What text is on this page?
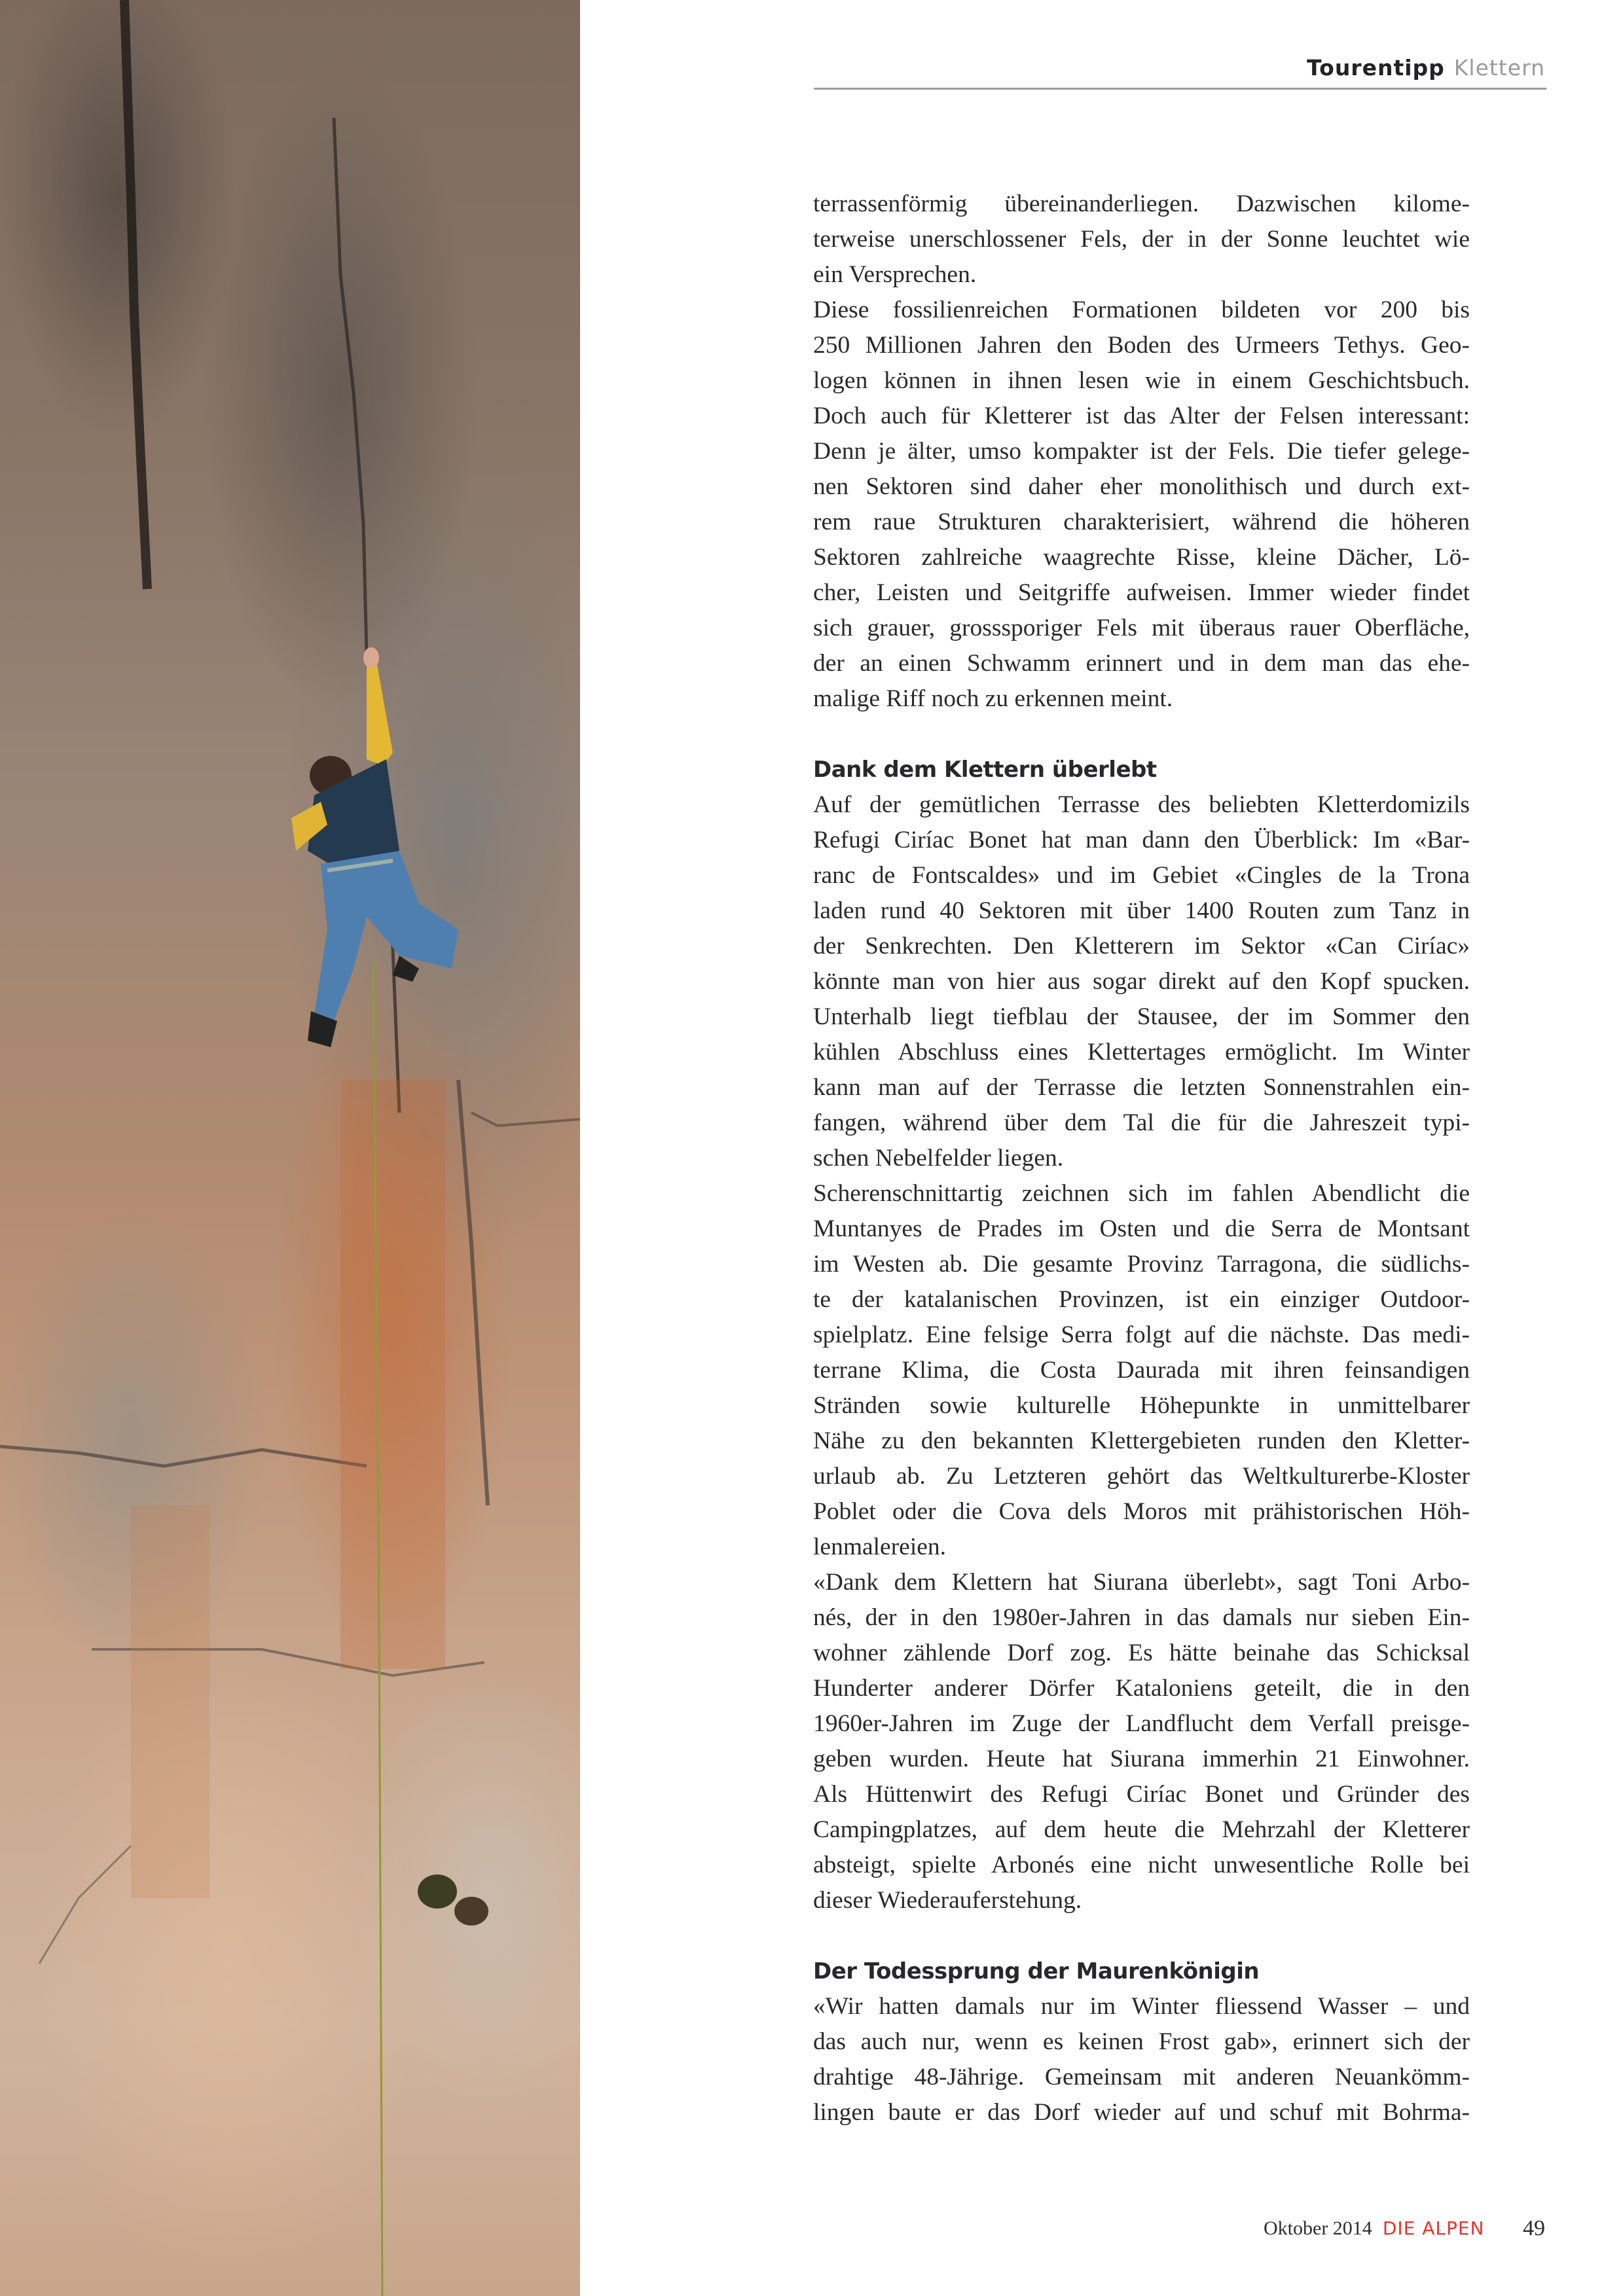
Tourentipp Klettern
terrassenförmig übereinanderliegen. Dazwischen kilome-
terweise unerschlossener Fels, der in der Sonne leuchtet wie
ein Versprechen.
Diese fossilienreichen Formationen bildeten vor 200 bis
250 Millionen Jahren den Boden des Urmeers Tethys. Geo-
logen können in ihnen lesen wie in einem Geschichtsbuch.
Doch auch für Kletterer ist das Alter der Felsen interessant:
Denn je älter, umso kompakter ist der Fels. Die tiefer gelege-
nen Sektoren sind daher eher monolithisch und durch ext-
rem raue Strukturen charakterisiert, während die höheren
Sektoren zahlreiche waagrechte Risse, kleine Dächer, Lö-
cher, Leisten und Seitgriffe aufweisen. Immer wieder findet
sich grauer, grosssporiger Fels mit überaus rauer Oberfläche,
der an einen Schwamm erinnert und in dem man das ehe-
malige Riff noch zu erkennen meint.
Dank dem Klettern überlebt
Auf der gemütlichen Terrasse des beliebten Kletterdomizils
Refugi Ciríac Bonet hat man dann den Überblick: Im «Bar-
ranc de Fontscaldes» und im Gebiet «Cingles de la Trona
laden rund 40 Sektoren mit über 1400 Routen zum Tanz in
der Senkrechten. Den Kletterern im Sektor «Can Ciríac»
könnte man von hier aus sogar direkt auf den Kopf spucken.
Unterhalb liegt tiefblau der Stausee, der im Sommer den
kühlen Abschluss eines Klettertages ermöglicht. Im Winter
kann man auf der Terrasse die letzten Sonnenstrahlen ein-
fangen, während über dem Tal die für die Jahreszeit typi-
schen Nebelfelder liegen.
Scherenschnittartig zeichnen sich im fahlen Abendlicht die
Muntanyes de Prades im Osten und die Serra de Montsant
im Westen ab. Die gesamte Provinz Tarragona, die südlichs-
te der katalanischen Provinzen, ist ein einziger Outdoor-
spielplatz. Eine felsige Serra folgt auf die nächste. Das medi-
terrane Klima, die Costa Daurada mit ihren feinsandigen
Stränden sowie kulturelle Höhepunkte in unmittelbarer
Nähe zu den bekannten Klettergebieten runden den Kletter-
urlaub ab. Zu Letzteren gehört das Weltkulturerbe-Kloster
Poblet oder die Cova dels Moros mit prähistorischen Höh-
lenmalereien.
«Dank dem Klettern hat Siurana überlebt», sagt Toni Arbo-
nés, der in den 1980er-Jahren in das damals nur sieben Ein-
wohner zählende Dorf zog. Es hätte beinahe das Schicksal
Hunderter anderer Dörfer Kataloniens geteilt, die in den
1960er-Jahren im Zuge der Landflucht dem Verfall preisge-
geben wurden. Heute hat Siurana immerhin 21 Einwohner.
Als Hüttenwirt des Refugi Ciríac Bonet und Gründer des
Campingplatzes, auf dem heute die Mehrzahl der Kletterer
absteigt, spielte Arbonés eine nicht unwesentliche Rolle bei
dieser Wiederauferstehung.
Der Todessprung der Maurenkönigin
«Wir hatten damals nur im Winter fliessend Wasser – und
das auch nur, wenn es keinen Frost gab», erinnert sich der
drahtige 48-Jährige. Gemeinsam mit anderen Neuankömm-
lingen baute er das Dorf wieder auf und schuf mit Bohrma-
Oktober 2014 DIE ALPEN 49
